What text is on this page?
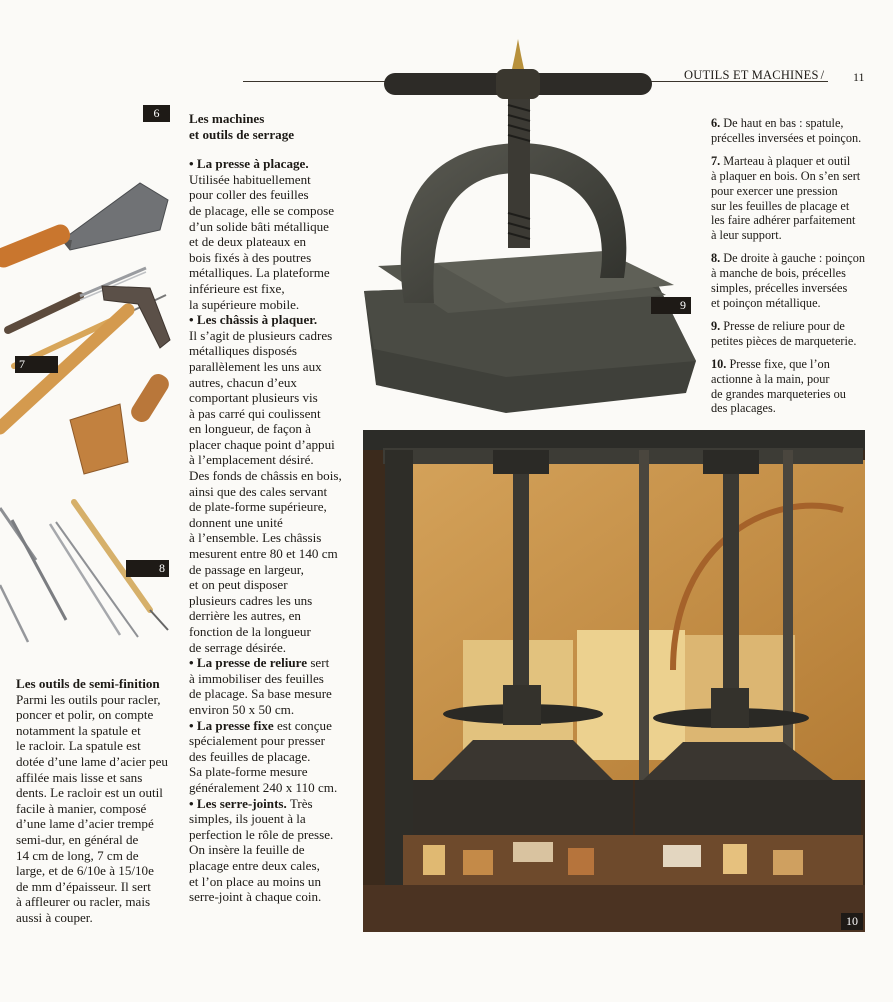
OUTILS ET MACHINES /	11
6
7
8
9
10

Les outils de semi-finition

Parmi les outils pour racler,
poncer et polir, on compte
notamment la spatule et
le racloir. La spatule est
dotée d’une lame d’acier peu
affilée mais lisse et sans
dents. Le racloir est un outil
facile à manier, composé
d’une lame d’acier trempé
semi-dur, en général de
14 cm de long, 7 cm de
large, et de 6/10e à 15/10e
de mm d’épaisseur. Il sert
à affleurer ou racler, mais
aussi à couper.

Les machines
et outils de serrage

• La presse à placage.
Utilisée habituellement
pour coller des feuilles
de placage, elle se compose
d’un solide bâti métallique
et de deux plateaux en
bois fixés à des poutres
métalliques. La plateforme
inférieure est fixe,
la supérieure mobile.
• Les châssis à plaquer.
Il s’agit de plusieurs cadres
métalliques disposés
parallèlement les uns aux
autres, chacun d’eux
comportant plusieurs vis
à pas carré qui coulissent
en longueur, de façon à
placer chaque point d’appui
à l’emplacement désiré.
Des fonds de châssis en bois,
ainsi que des cales servant
de plate-forme supérieure,
donnent une unité
à l’ensemble. Les châssis
mesurent entre 80 et 140 cm
de passage en largeur,
et on peut disposer
plusieurs cadres les uns
derrière les autres, en
fonction de la longueur
de serrage désirée.
• La presse de reliure sert
à immobiliser des feuilles
de placage. Sa base mesure
environ 50 x 50 cm.
• La presse fixe est conçue
spécialement pour presser
des feuilles de placage.
Sa plate-forme mesure
généralement 240 x 110 cm.
• Les serre-joints. Très
simples, ils jouent à la
perfection le rôle de presse.
On insère la feuille de
placage entre deux cales,
et l’on place au moins un
serre-joint à chaque coin.

6. De haut en bas : spatule,
précelles inversées et poinçon.

7. Marteau à plaquer et outil
à plaquer en bois. On s’en sert
pour exercer une pression
sur les feuilles de placage et
les faire adhérer parfaitement
à leur support.

8. De droite à gauche : poinçon
à manche de bois, précelles
simples, précelles inversées
et poinçon métallique.

9. Presse de reliure pour de
petites pièces de marqueterie.

10. Presse fixe, que l’on
actionne à la main, pour
de grandes marqueteries ou
des placages.
